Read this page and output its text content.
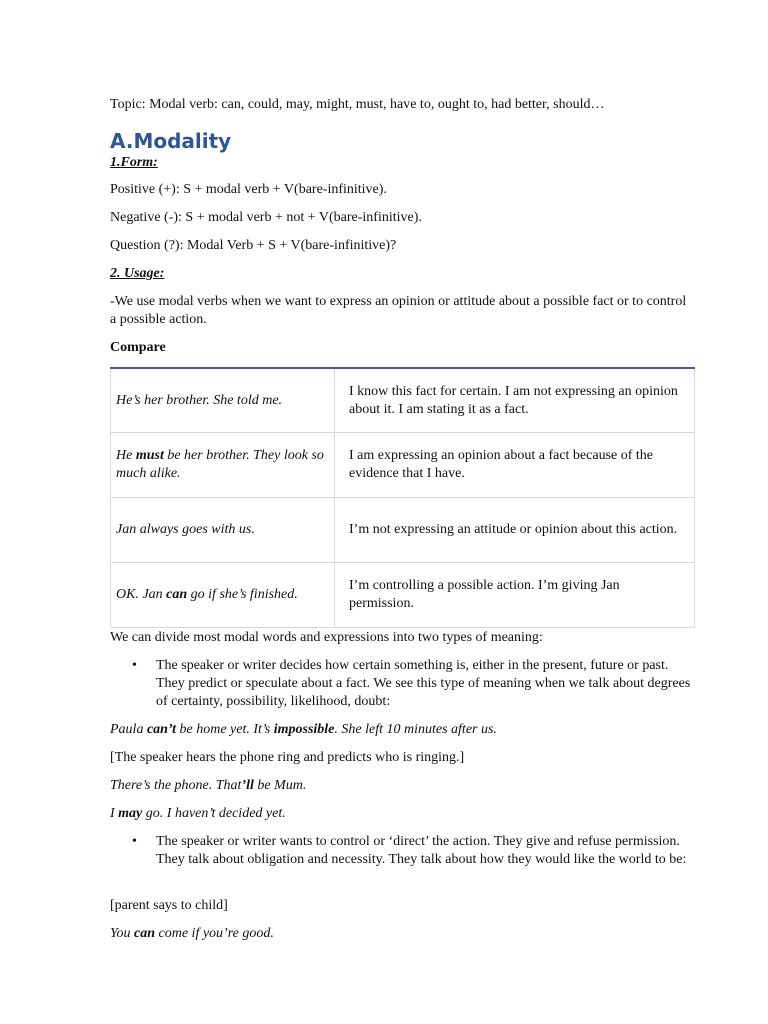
Topic: Modal verb: can, could, may, might, must, have to, ought to, had better, should…
A.Modality
1.Form:
Positive (+): S + modal verb + V(bare-infinitive).
Negative (-): S + modal verb + not + V(bare-infinitive).
Question (?): Modal Verb + S + V(bare-infinitive)?
2. Usage:
-We use modal verbs when we want to express an opinion or attitude about a possible fact or to control a possible action.
Compare
He’s her brother. She told me.	I know this fact for certain. I am not expressing an opinion about it. I am stating it as a fact.
He must be her brother. They look so much alike.	I am expressing an opinion about a fact because of the evidence that I have.
Jan always goes with us.	I’m not expressing an attitude or opinion about this action.
OK. Jan can go if she’s finished.	I’m controlling a possible action. I’m giving Jan permission.
We can divide most modal words and expressions into two types of meaning:
• The speaker or writer decides how certain something is, either in the present, future or past. They predict or speculate about a fact. We see this type of meaning when we talk about degrees of certainty, possibility, likelihood, doubt:
Paula can’t be home yet. It’s impossible. She left 10 minutes after us.
[The speaker hears the phone ring and predicts who is ringing.]
There’s the phone. That’ll be Mum.
I may go. I haven’t decided yet.
• The speaker or writer wants to control or ‘direct’ the action. They give and refuse permission. They talk about obligation and necessity. They talk about how they would like the world to be:
[parent says to child]
You can come if you’re good.
